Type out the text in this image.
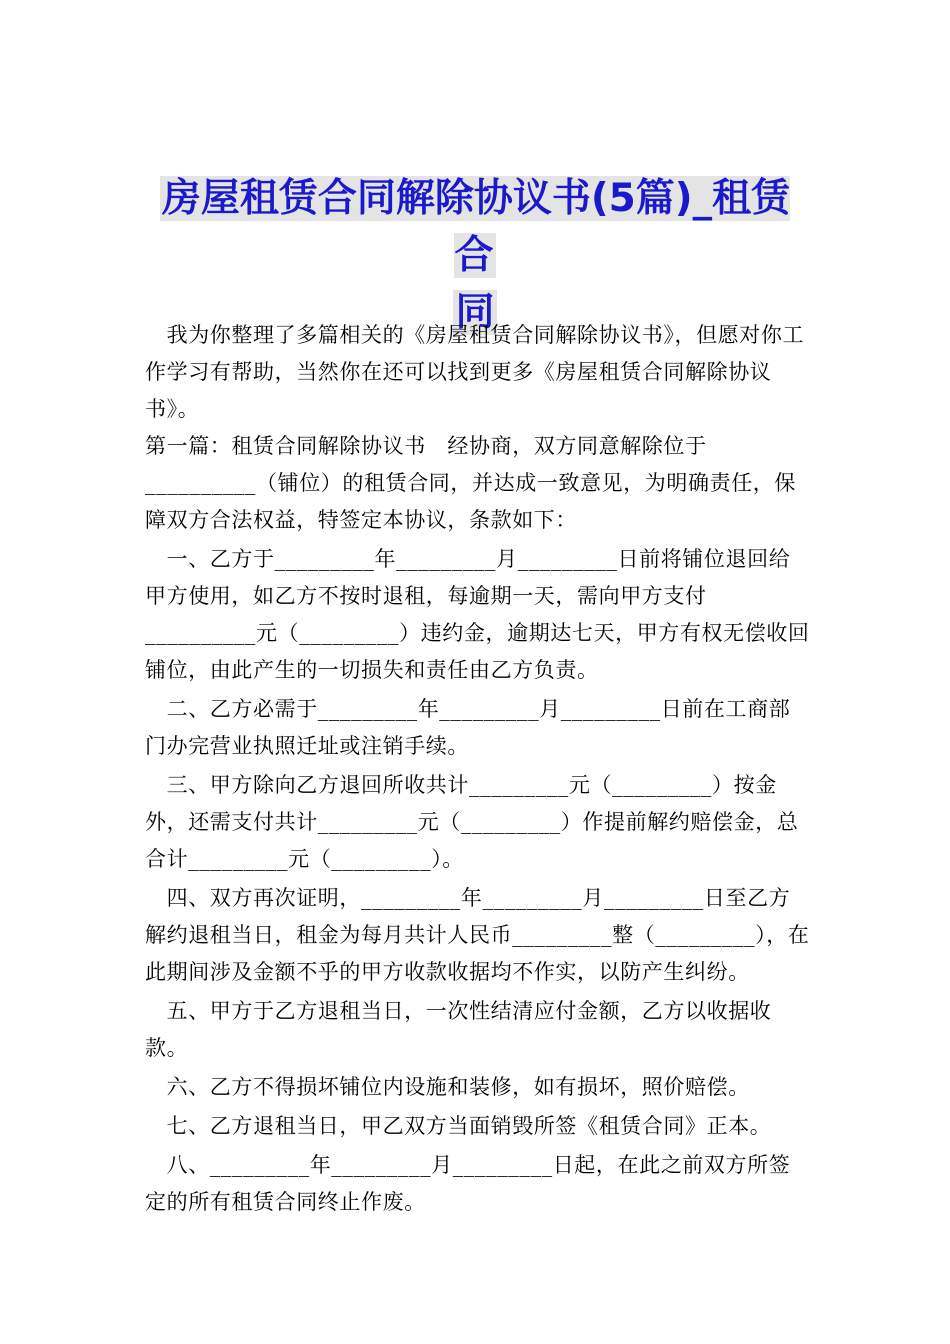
房屋租赁合同解除协议书(5篇)_租赁合
同

　我为你整理了多篇相关的《房屋租赁合同解除协议书》，但愿对你工作学习有帮助，当然你在还可以找到更多《房屋租赁合同解除协议书》。

第一篇：租赁合同解除协议书　经协商，双方同意解除位于__________（铺位）的租赁合同，并达成一致意见，为明确责任，保障双方合法权益，特签定本协议，条款如下：

　一、乙方于_________年_________月_________日前将铺位退回给甲方使用，如乙方不按时退租，每逾期一天，需向甲方支付__________元（_________）违约金，逾期达七天，甲方有权无偿收回铺位，由此产生的一切损失和责任由乙方负责。

　二、乙方必需于_________年_________月_________日前在工商部门办完营业执照迁址或注销手续。

　三、甲方除向乙方退回所收共计_________元（_________）按金外，还需支付共计_________元（_________）作提前解约赔偿金，总合计_________元（_________）。

　四、双方再次证明，_________年_________月_________日至乙方解约退租当日，租金为每月共计人民币_________整（_________），在此期间涉及金额不乎的甲方收款收据均不作实，以防产生纠纷。

　五、甲方于乙方退租当日，一次性结清应付金额，乙方以收据收款。

　六、乙方不得损坏铺位内设施和装修，如有损坏，照价赔偿。

　七、乙方退租当日，甲乙双方当面销毁所签《租赁合同》正本。

　八、_________年_________月_________日起，在此之前双方所签定的所有租赁合同终止作废。
